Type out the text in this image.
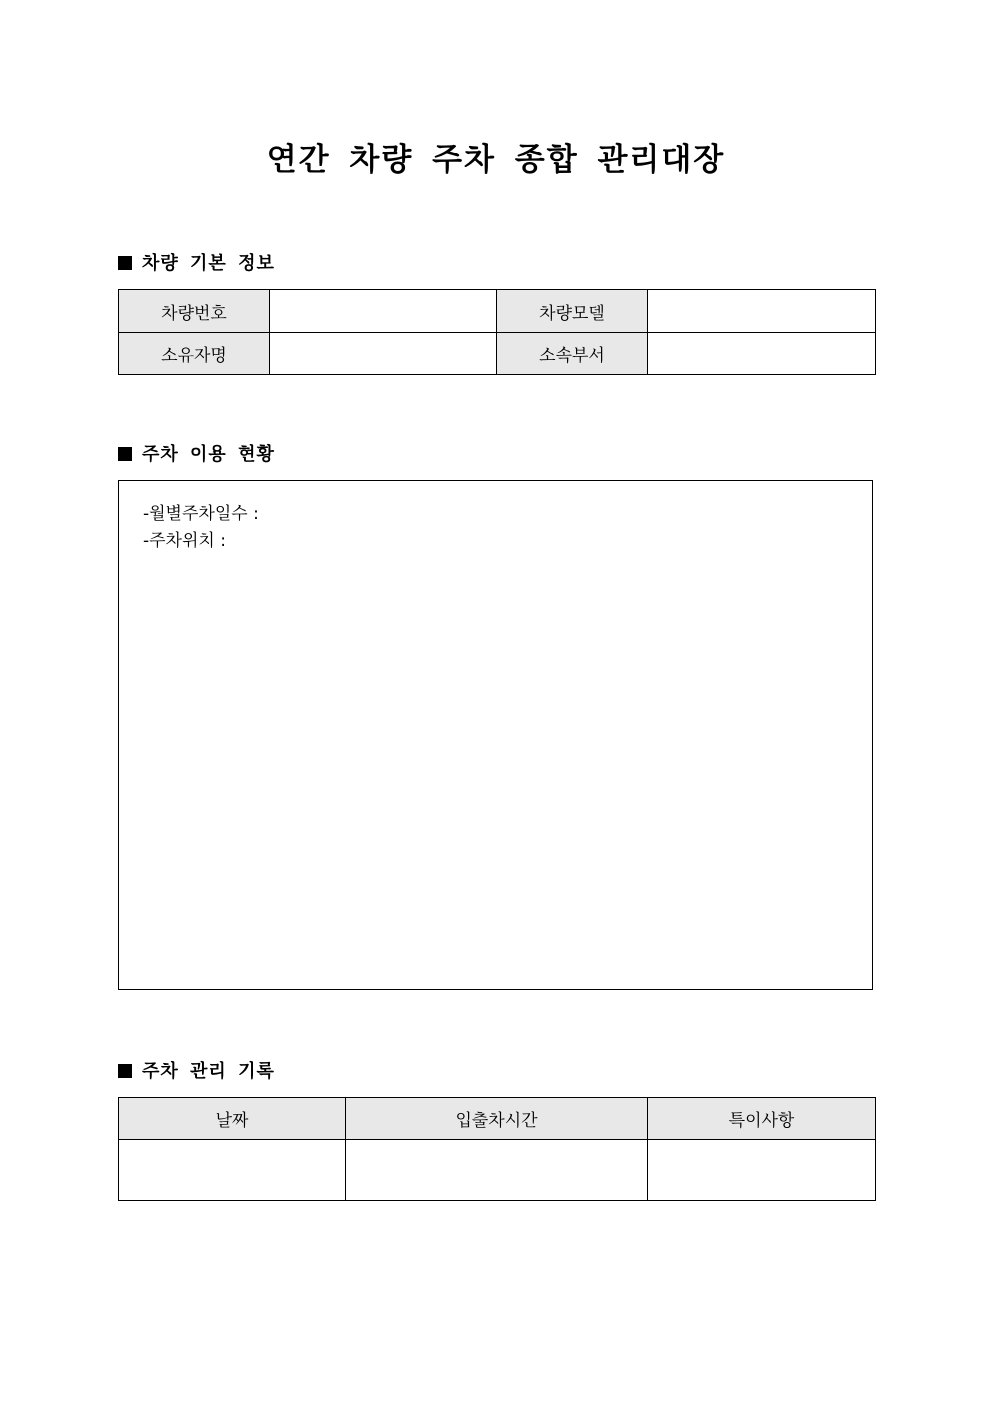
연간 차량 주차 종합 관리대장
차량 기본 정보
차량번호		차량모델	
소유자명		소속부서	
주차 이용 현황
-월별주차일수 :
-주차위치 :
주차 관리 기록
날짜	입출차시간	특이사항
